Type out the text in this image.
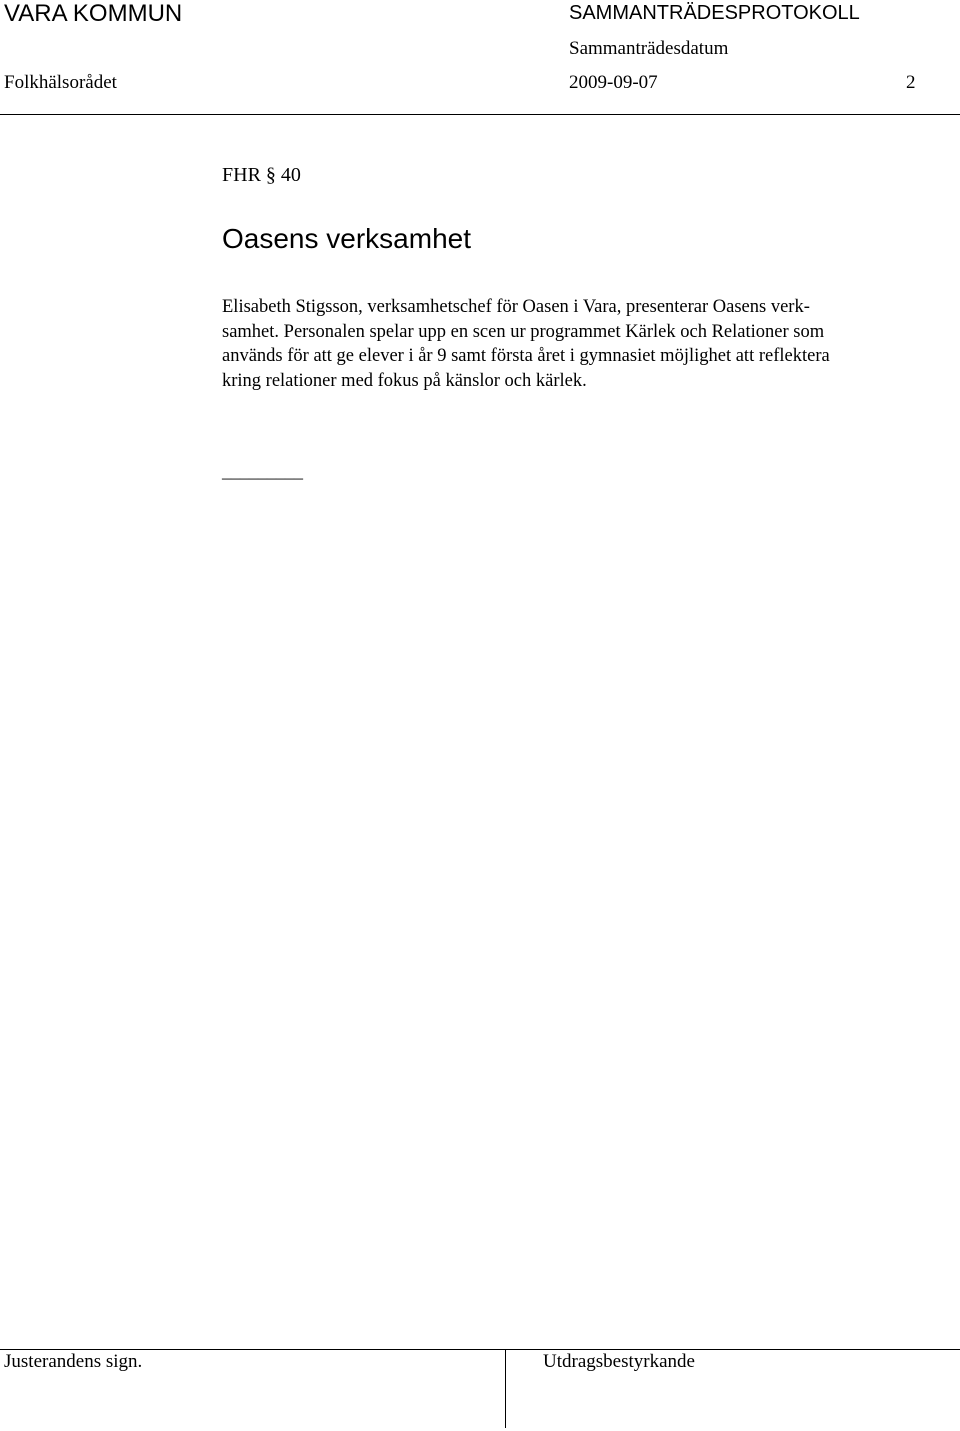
VARA KOMMUN	SAMMANTRÄDESPROTOKOLL
Sammanträdesdatum
Folkhälsorådet	2009-09-07	2
FHR § 40
Oasens verksamhet
Elisabeth Stigsson, verksamhetschef för Oasen i Vara, presenterar Oasens verk-
samhet. Personalen spelar upp en scen ur programmet Kärlek och Relationer som
används för att ge elever i år 9 samt första året i gymnasiet möjlighet att reflektera
kring relationer med fokus på känslor och kärlek.
_________
Justerandens sign.	Utdragsbestyrkande
